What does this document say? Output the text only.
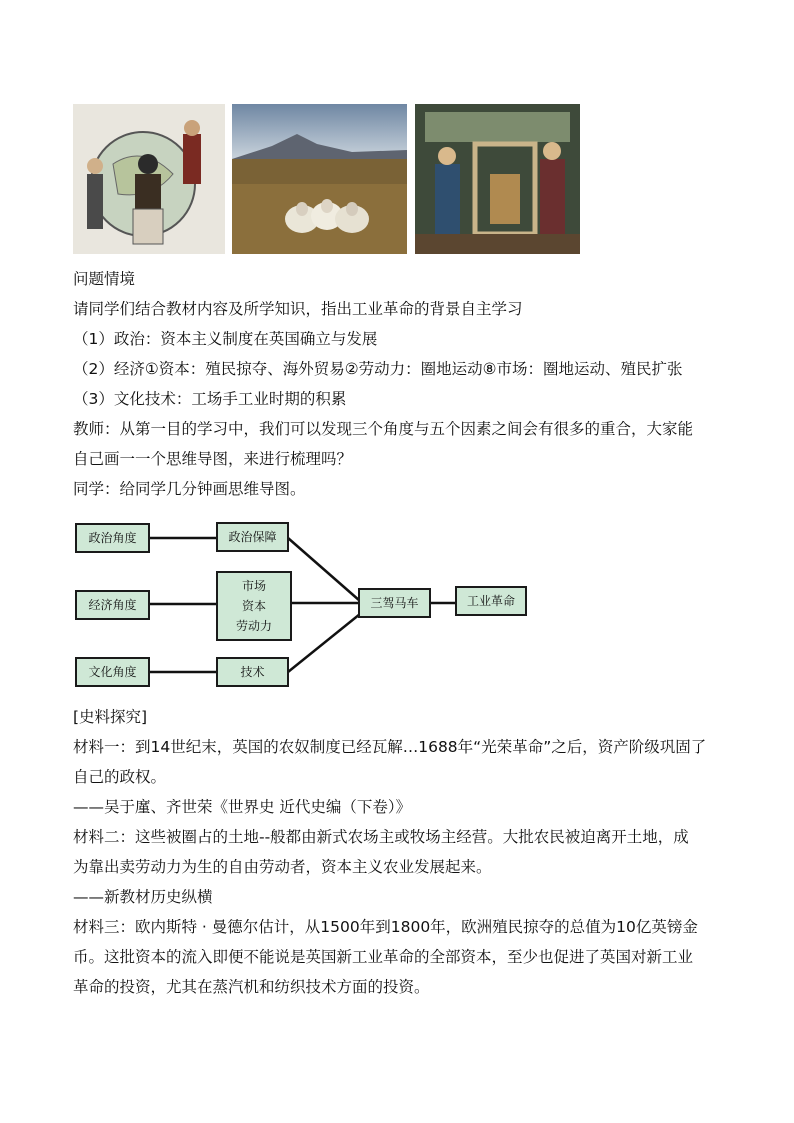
问题情境
请同学们结合教材内容及所学知识，指出工业革命的背景自主学习
（1）政治：资本主义制度在英国确立与发展
（2）经济①资本：殖民掠夺、海外贸易②劳动力：圈地运动⑧市场：圈地运动、殖民扩张
（3）文化技术：工场手工业时期的积累
教师：从第一目的学习中，我们可以发现三个角度与五个因素之间会有很多的重合，大家能
自己画一一个思维导图，来进行梳理吗？
同学：给同学几分钟画思维导图。
政治角度	政治保障
经济角度
市场
资本
劳动力
文化角度	技术
三驾马车	工业革命
[史料探究]
材料一：到14世纪末，英国的农奴制度已经瓦解…1688年“光荣革命”之后，资产阶级巩固了
自己的政权。
——吴于廑、齐世荣《世界史 近代史编（下卷）》
材料二：这些被圈占的土地--般都由新式农场主或牧场主经营。大批农民被迫离开土地，成
为靠出卖劳动力为生的自由劳动者，资本主义农业发展起来。
——新教材历史纵横
材料三：欧内斯特 · 曼德尔估计，从1500年到1800年，欧洲殖民掠夺的总值为10亿英镑金
币。这批资本的流入即便不能说是英国新工业革命的全部资本，至少也促进了英国对新工业
革命的投资，尤其在蒸汽机和纺织技术方面的投资。
